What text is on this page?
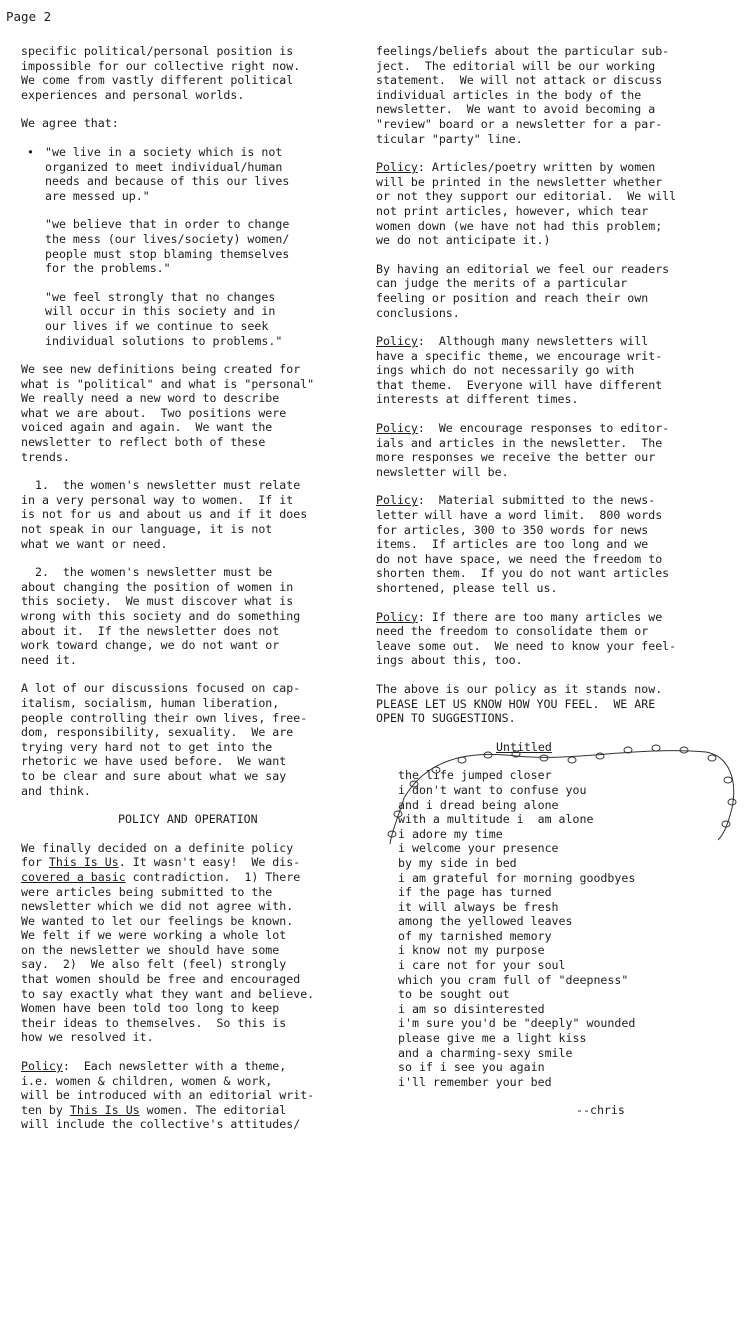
Page 2

specific political/personal position is
impossible for our collective right now.
We come from vastly different political
experiences and personal worlds.

We agree that:

• "we live in a society which is not
organized to meet individual/human
needs and because of this our lives
are messed up."
"we believe that in order to change
the mess (our lives/society) women/
people must stop blaming themselves
for the problems."
"we feel strongly that no changes
will occur in this society and in
our lives if we continue to seek
individual solutions to problems."

We see new definitions being created for
what is "political" and what is "personal"
We really need a new word to describe
what we are about.  Two positions were
voiced again and again.  We want the
newsletter to reflect both of these
trends.

1.  the women's newsletter must relate
in a very personal way to women.  If it
is not for us and about us and if it does
not speak in our language, it is not
what we want or need.

2.  the women's newsletter must be
about changing the position of women in
this society.  We must discover what is
wrong with this society and do something
about it.  If the newsletter does not
work toward change, we do not want or
need it.

A lot of our discussions focused on cap-
italism, socialism, human liberation,
people controlling their own lives, free-
dom, responsibility, sexuality.  We are
trying very hard not to get into the
rhetoric we have used before.  We want
to be clear and sure about what we say
and think.

POLICY AND OPERATION

We finally decided on a definite policy
for This Is Us. It wasn't easy!  We dis-
covered a basic contradiction.  1) There
were articles being submitted to the
newsletter which we did not agree with.
We wanted to let our feelings be known.
We felt if we were working a whole lot
on the newsletter we should have some
say.  2)  We also felt (feel) strongly
that women should be free and encouraged
to say exactly what they want and believe.
Women have been told too long to keep
their ideas to themselves.  So this is
how we resolved it.

Policy:  Each newsletter with a theme,
i.e. women & children, women & work,
will be introduced with an editorial writ-
ten by This Is Us women. The editorial
will include the collective's attitudes/

feelings/beliefs about the particular sub-
ject.  The editorial will be our working
statement.  We will not attack or discuss
individual articles in the body of the
newsletter.  We want to avoid becoming a
"review" board or a newsletter for a par-
ticular "party" line.

Policy: Articles/poetry written by women
will be printed in the newsletter whether
or not they support our editorial.  We will
not print articles, however, which tear
women down (we have not had this problem;
we do not anticipate it.)

By having an editorial we feel our readers
can judge the merits of a particular
feeling or position and reach their own
conclusions.

Policy:  Although many newsletters will
have a specific theme, we encourage writ-
ings which do not necessarily go with
that theme.  Everyone will have different
interests at different times.

Policy:  We encourage responses to editor-
ials and articles in the newsletter.  The
more responses we receive the better our
newsletter will be.

Policy:  Material submitted to the news-
letter will have a word limit.  800 words
for articles, 300 to 350 words for news
items.  If articles are too long and we
do not have space, we need the freedom to
shorten them.  If you do not want articles
shortened, please tell us.

Policy: If there are too many articles we
need the freedom to consolidate them or
leave some out.  We need to know your feel-
ings about this, too.

The above is our policy as it stands now.
PLEASE LET US KNOW HOW YOU FEEL.  WE ARE
OPEN TO SUGGESTIONS.

Untitled
the life jumped closer
i don't want to confuse you
and i dread being alone
with a multitude i  am alone
i adore my time
i welcome your presence
by my side in bed
i am grateful for morning goodbyes
if the page has turned
it will always be fresh
among the yellowed leaves
of my tarnished memory
i know not my purpose
i care not for your soul
which you cram full of "deepness"
to be sought out
i am so disinterested
i'm sure you'd be "deeply" wounded
please give me a light kiss
and a charming-sexy smile
so if i see you again
i'll remember your bed
--chris
